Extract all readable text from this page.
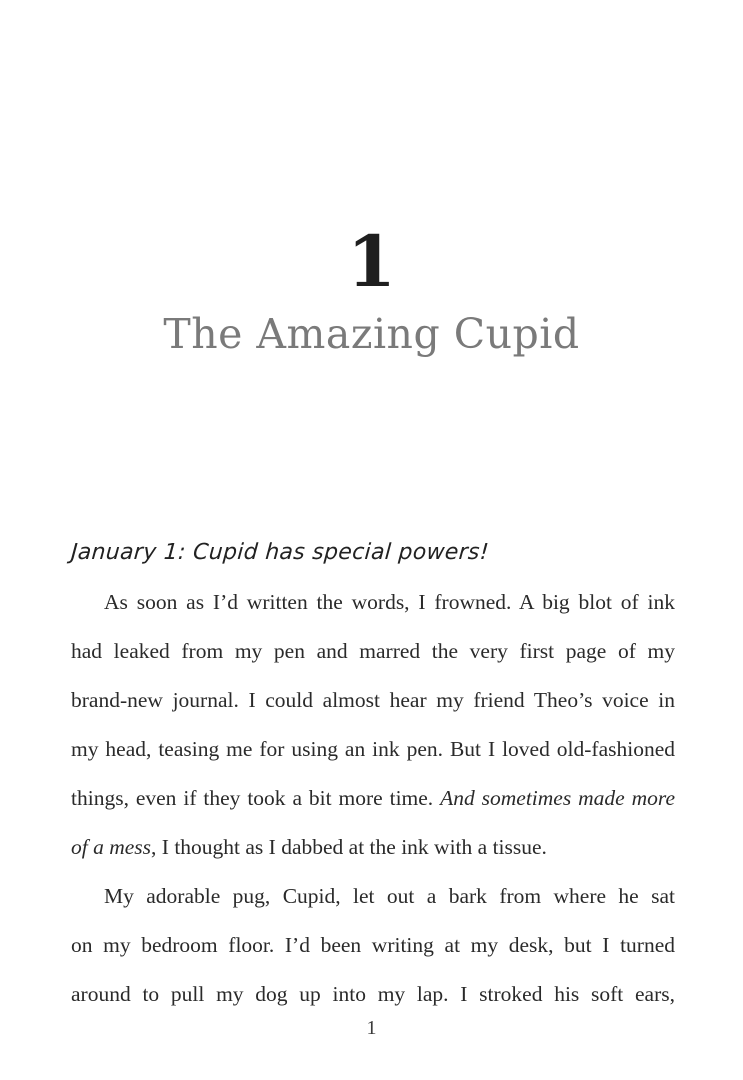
1
The Amazing Cupid
January 1: Cupid has special powers!
As soon as I’d written the words, I frowned. A big blot of ink
had leaked from my pen and marred the very first page of my
brand-new journal. I could almost hear my friend Theo’s voice in
my head, teasing me for using an ink pen. But I loved old-fashioned
things, even if they took a bit more time. And sometimes made more
of a mess, I thought as I dabbed at the ink with a tissue.
My adorable pug, Cupid, let out a bark from where he sat
on my bedroom floor. I’d been writing at my desk, but I turned
around to pull my dog up into my lap. I stroked his soft ears,
1
